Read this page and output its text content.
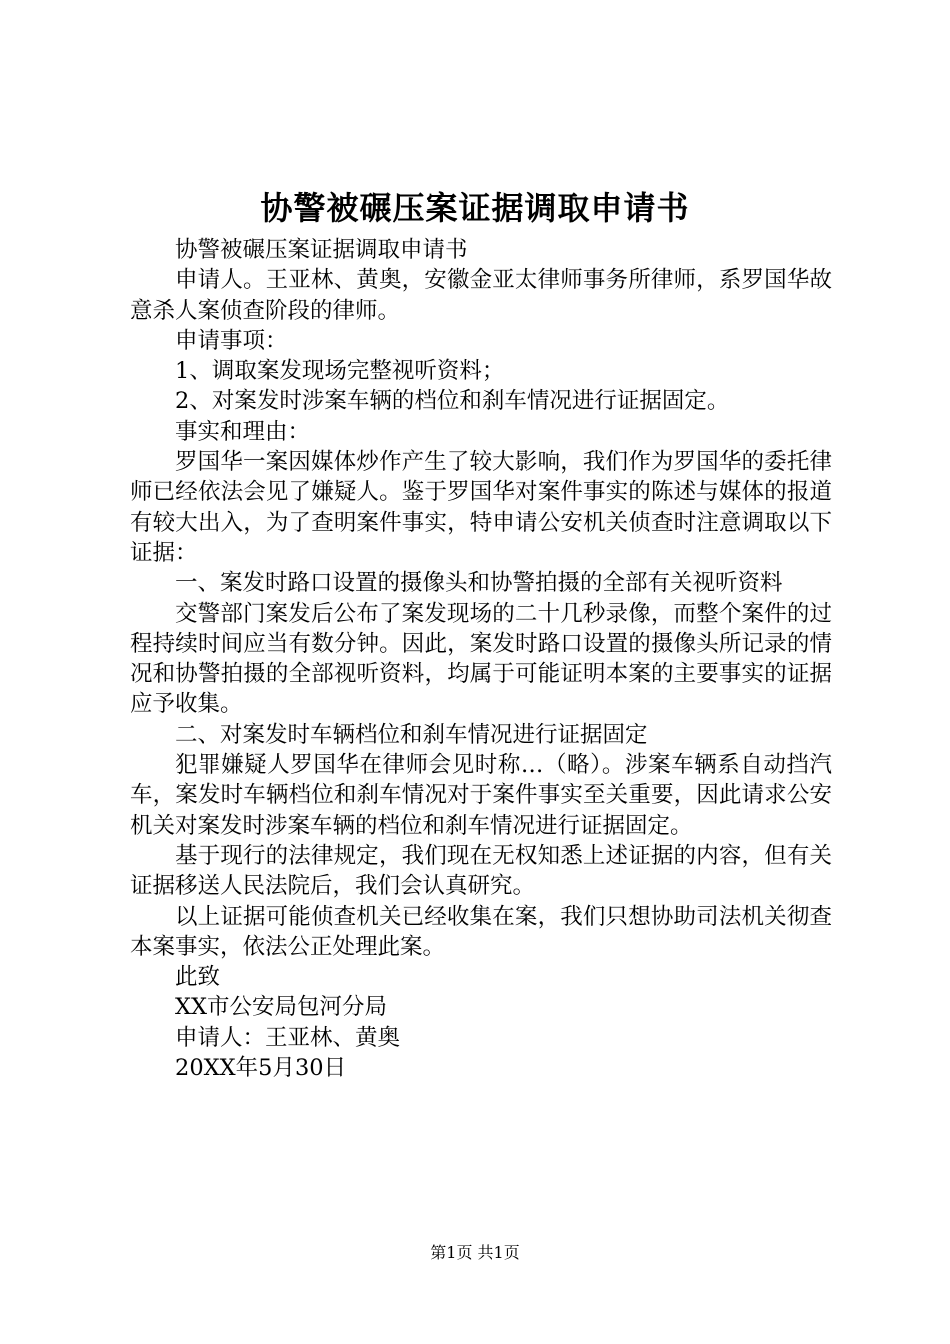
协警被碾压案证据调取申请书

协警被碾压案证据调取申请书

申请人。王亚林、黄奥，安徽金亚太律师事务所律师，系罗国华故意杀人案侦查阶段的律师。

申请事项：

1、调取案发现场完整视听资料；

2、对案发时涉案车辆的档位和刹车情况进行证据固定。

事实和理由：

罗国华一案因媒体炒作产生了较大影响，我们作为罗国华的委托律师已经依法会见了嫌疑人。鉴于罗国华对案件事实的陈述与媒体的报道有较大出入，为了查明案件事实，特申请公安机关侦查时注意调取以下证据：

一、案发时路口设置的摄像头和协警拍摄的全部有关视听资料

交警部门案发后公布了案发现场的二十几秒录像，而整个案件的过程持续时间应当有数分钟。因此，案发时路口设置的摄像头所记录的情况和协警拍摄的全部视听资料，均属于可能证明本案的主要事实的证据应予收集。

二、对案发时车辆档位和刹车情况进行证据固定

犯罪嫌疑人罗国华在律师会见时称…（略）。涉案车辆系自动挡汽车，案发时车辆档位和刹车情况对于案件事实至关重要，因此请求公安机关对案发时涉案车辆的档位和刹车情况进行证据固定。

基于现行的法律规定，我们现在无权知悉上述证据的内容，但有关证据移送人民法院后，我们会认真研究。

以上证据可能侦查机关已经收集在案，我们只想协助司法机关彻查本案事实，依法公正处理此案。

此致

XX市公安局包河分局

申请人：王亚林、黄奥

20XX年5月30日

第1页 共1页
